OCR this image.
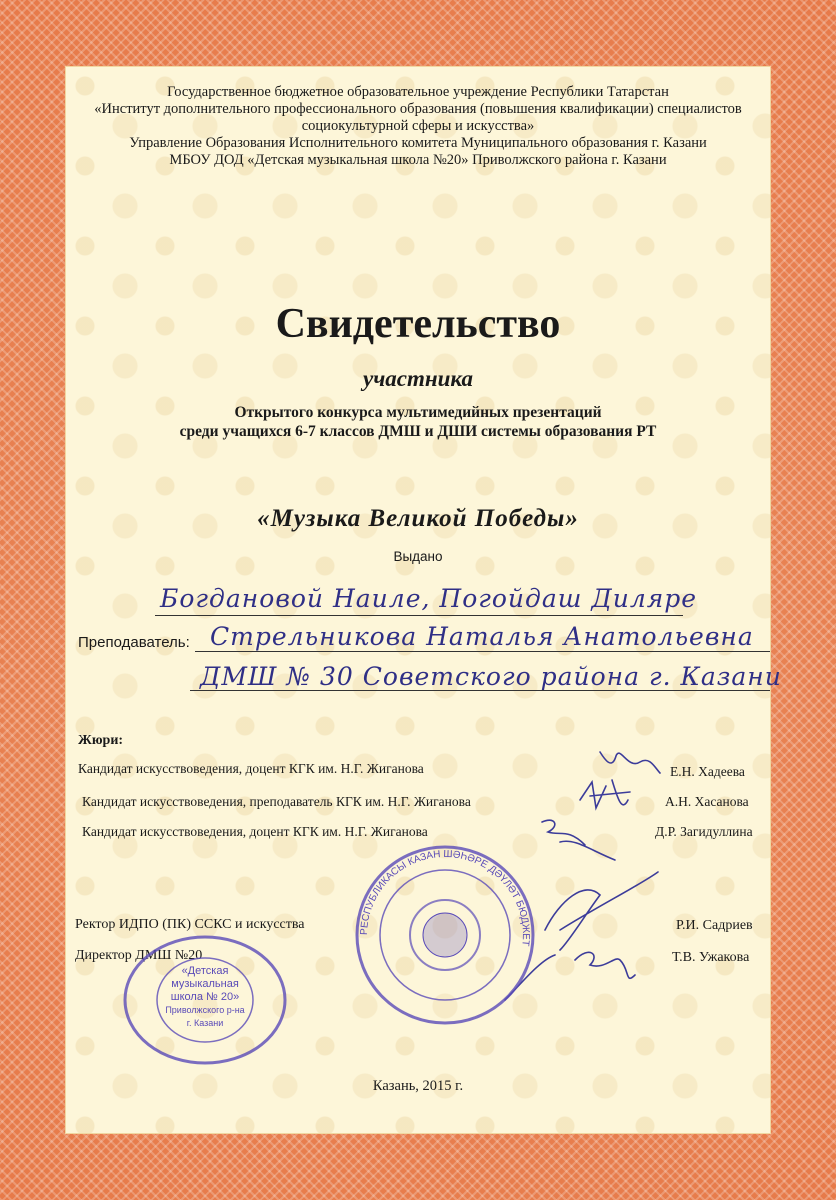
Государственное бюджетное образовательное учреждение Республики Татарстан
«Институт дополнительного профессионального образования (повышения квалификации) специалистов
социокультурной сферы и искусства»
Управление Образования Исполнительного комитета Муниципального образования г. Казани
МБОУ ДОД «Детская музыкальная школа №20» Приволжского района г. Казани
Свидетельство
участника
Открытого конкурса мультимедийных презентаций
среди учащихся 6-7 классов ДМШ и ДШИ системы образования РТ
«Музыка Великой Победы»
Выдано
Богдановой Наиле, Погойдаш Диляре
Преподаватель: Стрельникова Наталья Анатольевна
ДМШ № 30 Советского района г. Казани
Жюри:
Кандидат искусствоведения, доцент КГК им. Н.Г. Жиганова	Е.Н. Хадеева
Кандидат искусствоведения, преподаватель КГК им. Н.Г. Жиганова	А.Н. Хасанова
Кандидат искусствоведения, доцент КГК им. Н.Г. Жиганова	Д.Р. Загидуллина
Ректор ИДПО (ПК) ССКС и искусства	Р.И. Садриев
Директор ДМШ №20	Т.В. Ужакова
«Детская
музыкальная
школа № 20»
Приволжского р-на
г. Казани
РЕСПУБЛИКАСЫ КАЗАН ШӘҺӘРЕ ДӘҮЛӘТ БЮДЖЕТ
Казань, 2015 г.
